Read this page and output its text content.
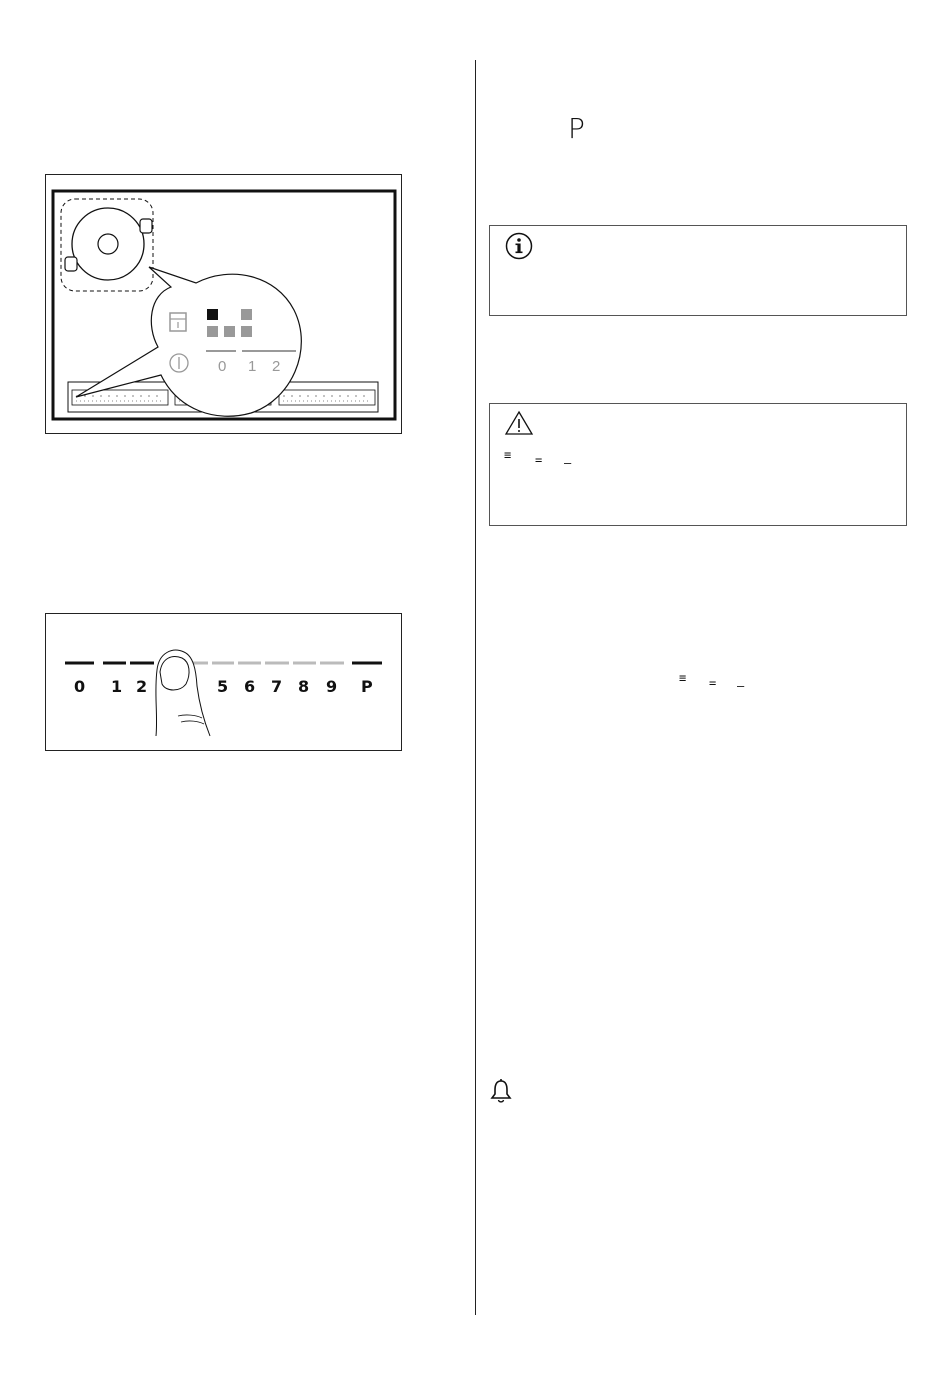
0 1 2
0 1 2	5 6 7 8 9 P
P
≡ = –
≡ = –
